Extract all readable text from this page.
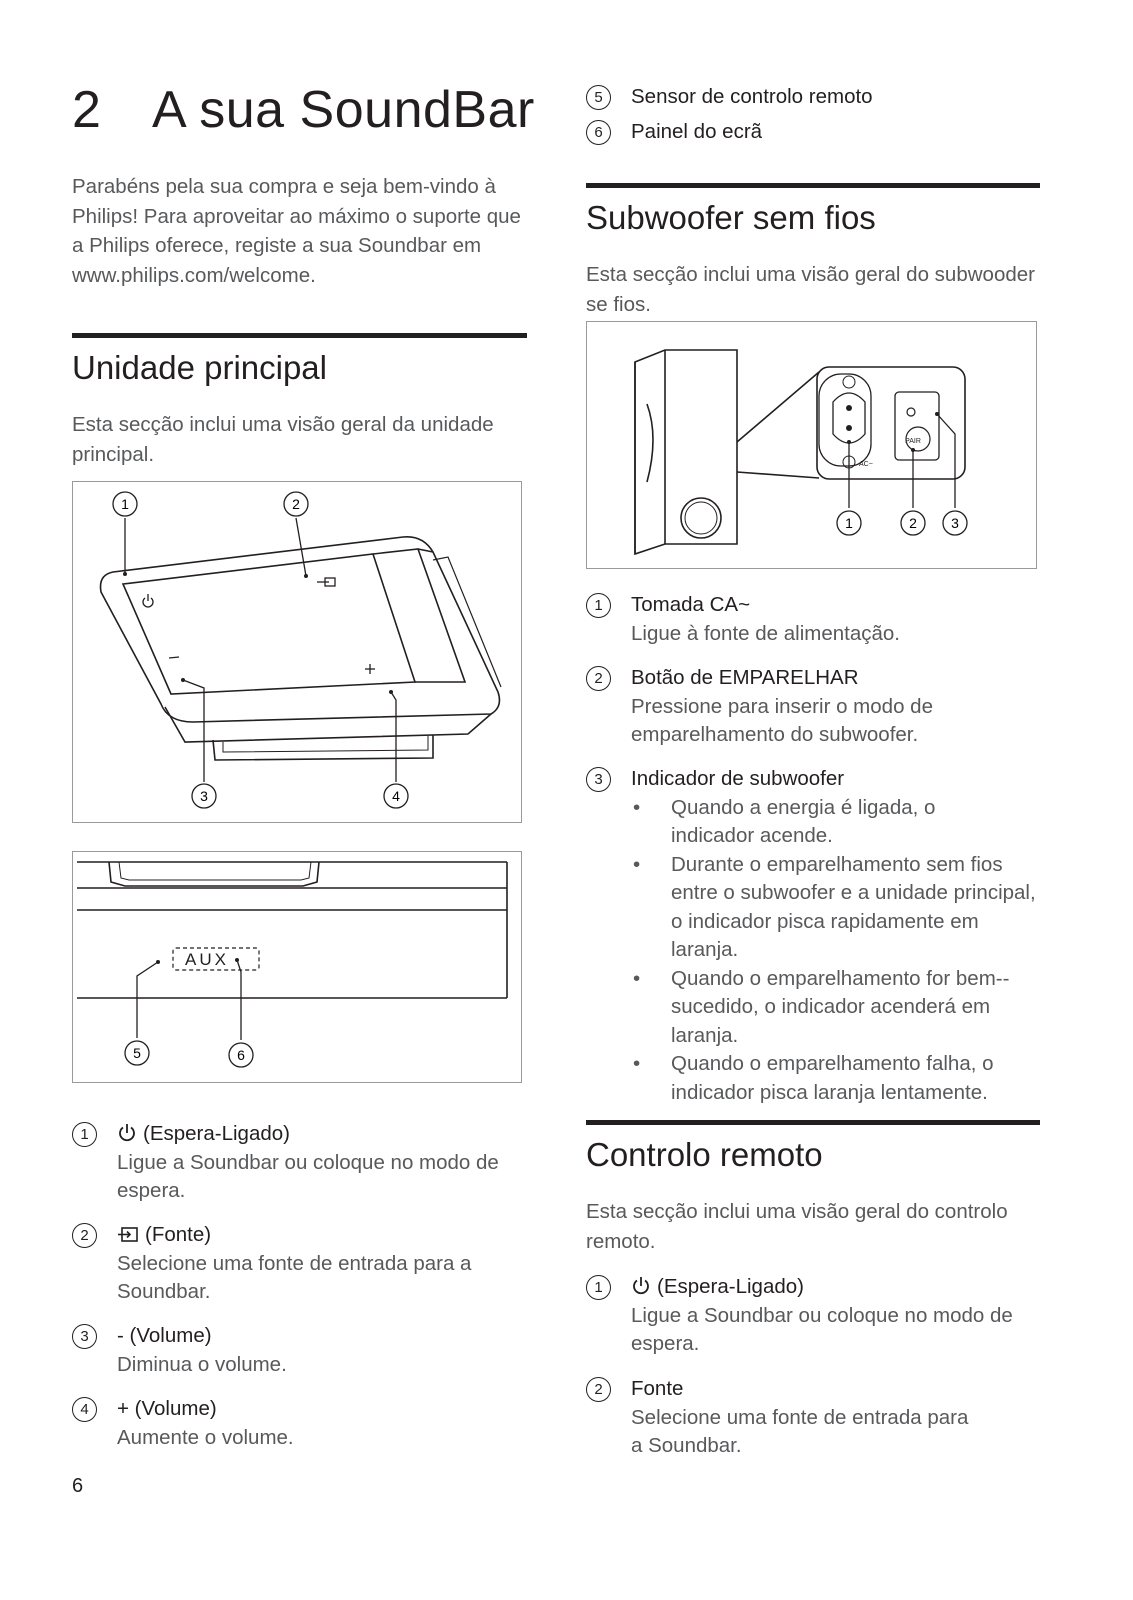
2 A sua SoundBar

Parabéns pela sua compra e seja bem-vindo à Philips! Para aproveitar ao máximo o suporte que a Philips oferece, registe a sua Soundbar em www.philips.com/welcome.

Unidade principal

Esta secção inclui uma visão geral da unidade principal.

1	2
3	4
AUX
5	6
1	(Espera-Ligado)
Ligue a Soundbar ou coloque no modo de espera.
2	(Fonte)
Selecione uma fonte de entrada para a Soundbar.
3	- (Volume)
Diminua o volume.
4	+ (Volume)
Aumente o volume.
5	Sensor de controlo remoto
6	Painel do ecrã
Subwoofer sem fios

Esta secção inclui uma visão geral do subwooder se fios.

PAIR
AC~
1	2 3
1	Tomada CA~
Ligue à fonte de alimentação.
2	Botão de EMPARELHAR
Pressione para inserir o modo de emparelhamento do subwoofer.
3	Indicador de subwoofer
• Quando a energia é ligada, o indicador acende.
• Durante o emparelhamento sem fios entre o subwoofer e a unidade principal, o indicador pisca rapidamente em laranja.
• Quando o emparelhamento for bem--sucedido, o indicador acenderá em laranja.
• Quando o emparelhamento falha, o indicador pisca laranja lentamente.
Controlo remoto

Esta secção inclui uma visão geral do controlo remoto.

1	(Espera-Ligado)
Ligue a Soundbar ou coloque no modo de espera.
2	Fonte
Selecione uma fonte de entrada para a Soundbar.
6
